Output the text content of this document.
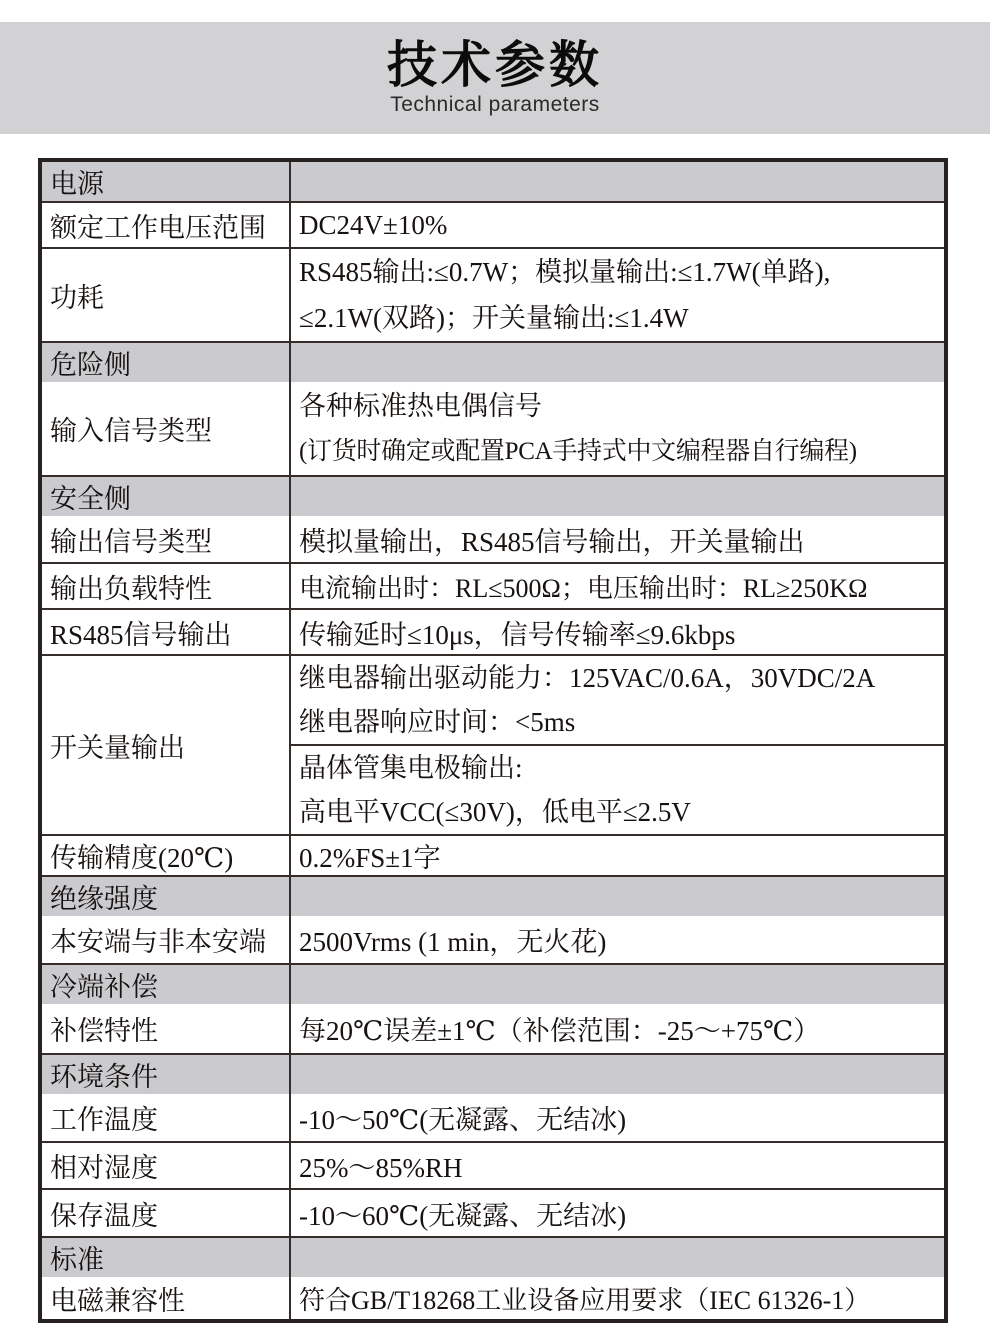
技术参数
Technical parameters
电源	
额定工作电压范围	DC24V±10%
功耗	RS485输出:≤0.7W；模拟量输出:≤1.7W(单路),
≤2.1W(双路)；开关量输出:≤1.4W

危险侧	
输入信号类型	各种标准热电偶信号
(订货时确定或配置PCA手持式中文编程器自行编程)

安全侧	
输出信号类型	模拟量输出，RS485信号输出，开关量输出
输出负载特性	电流输出时：RL≤500Ω；电压输出时：RL≥250KΩ
RS485信号输出	传输延时≤10μs，信号传输率≤9.6kbps
开关量输出	继电器输出驱动能力：125VAC/0.6A，30VDC/2A
继电器响应时间：<5ms

	晶体管集电极输出:
高电平VCC(≤30V)，低电平≤2.5V

传输精度(20℃)	0.2%FS±1字
绝缘强度	
本安端与非本安端	2500Vrms (1 min，无火花)
冷端补偿	
补偿特性	每20℃误差±1℃（补偿范围：-25～+75℃）
环境条件	
工作温度	-10～50℃(无凝露、无结冰)
相对湿度	25%～85%RH
保存温度	-10～60℃(无凝露、无结冰)
标准	
电磁兼容性	符合GB/T18268工业设备应用要求（IEC 61326-1）
